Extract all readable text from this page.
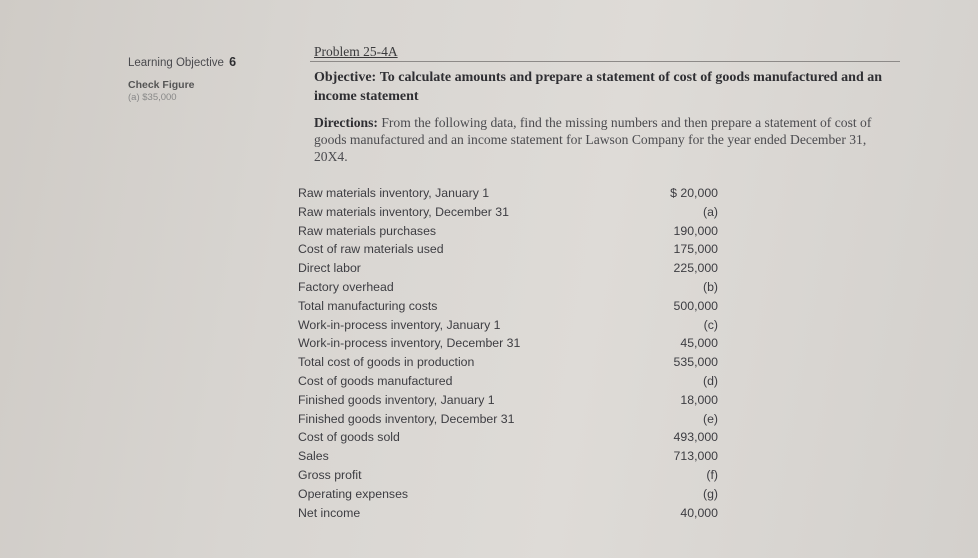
Learning Objective 6
Check Figure
(a) $35,000
Problem 25-4A
Objective: To calculate amounts and prepare a statement of cost of goods manufactured and an income statement
Directions: From the following data, find the missing numbers and then prepare a statement of cost of goods manufactured and an income statement for Lawson Company for the year ended December 31, 20X4.
Raw materials inventory, January 1	$ 20,000
Raw materials inventory, December 31	(a)
Raw materials purchases	190,000
Cost of raw materials used	175,000
Direct labor	225,000
Factory overhead	(b)
Total manufacturing costs	500,000
Work-in-process inventory, January 1	(c)
Work-in-process inventory, December 31	45,000
Total cost of goods in production	535,000
Cost of goods manufactured	(d)
Finished goods inventory, January 1	18,000
Finished goods inventory, December 31	(e)
Cost of goods sold	493,000
Sales	713,000
Gross profit	(f)
Operating expenses	(g)
Net income	40,000
